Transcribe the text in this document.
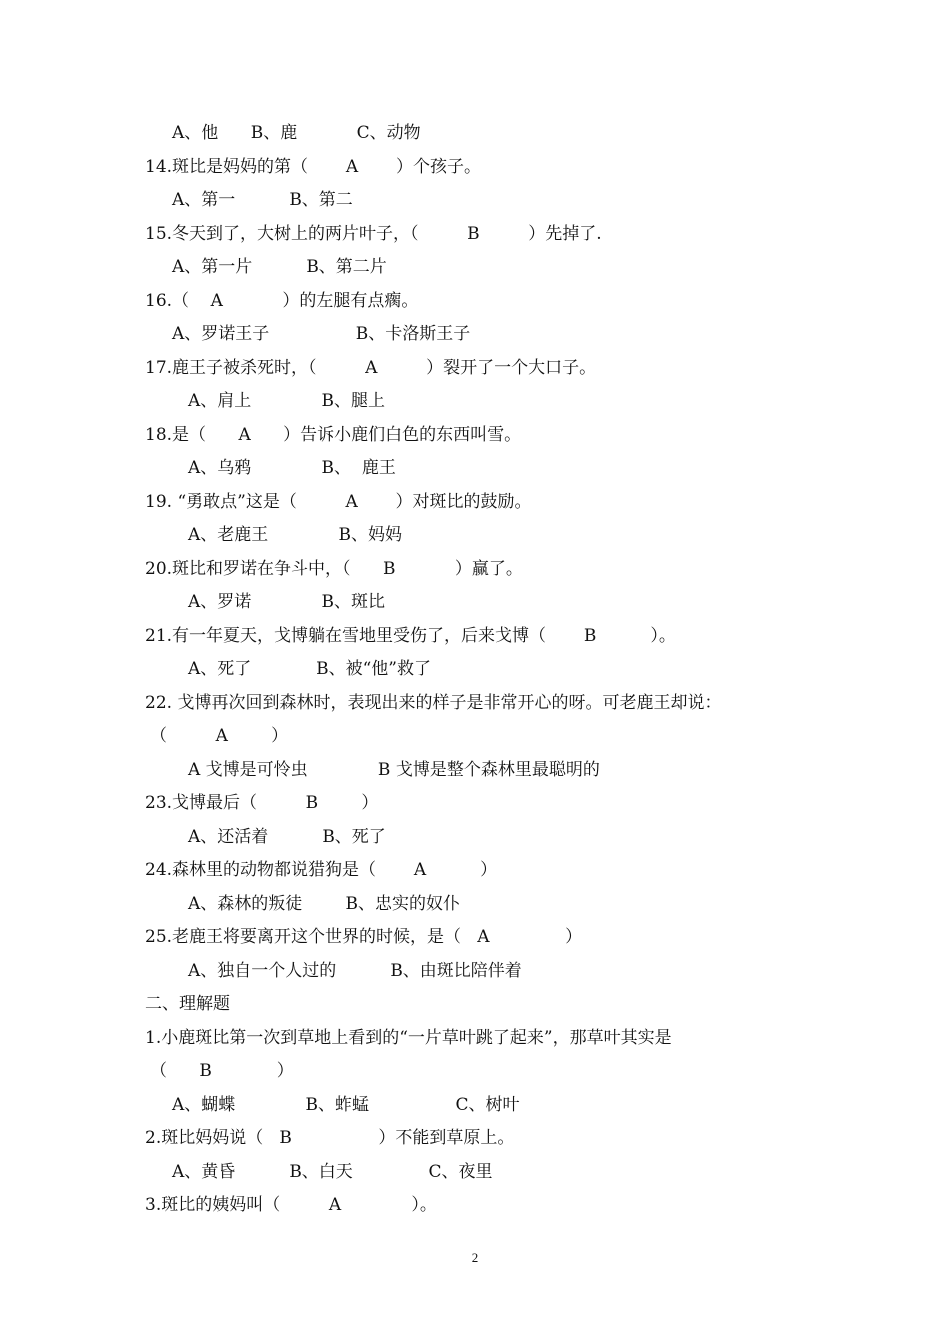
A、他      B、鹿           C、动物
14.斑比是妈妈的第（       A       ）个孩子。
A、第一          B、第二
15.冬天到了，大树上的两片叶子，（         B         ）先掉了.
A、第一片          B、第二片
16.（    A           ）的左腿有点瘸。
A、罗诺王子                B、卡洛斯王子
17.鹿王子被杀死时，（         A         ）裂开了一个大口子。
A、肩上             B、腿上
18.是（      A      ）告诉小鹿们白色的东西叫雪。
A、乌鸦             B、  鹿王
19. “勇敢点”这是（         A       ）对斑比的鼓励。
A、老鹿王             B、妈妈
20.斑比和罗诺在争斗中，（      B           ）赢了。
A、罗诺             B、斑比
21.有一年夏天，戈博躺在雪地里受伤了，后来戈博（       B          ）。
A、死了            B、被“他”救了
22. 戈博再次回到森林时，表现出来的样子是非常开心的呀。可老鹿王却说：
（         A        ）
A 戈博是可怜虫             B 戈博是整个森林里最聪明的
23.戈博最后（         B        ）
A、还活着          B、死了
24.森林里的动物都说猎狗是（       A          ）
A、森林的叛徒        B、忠实的奴仆
25.老鹿王将要离开这个世界的时候，是（   A              ）
A、独自一个人过的          B、由斑比陪伴着
二、理解题
1.小鹿斑比第一次到草地上看到的“一片草叶跳了起来”，那草叶其实是
（      B            ）
A、蝴蝶             B、蚱蜢                C、树叶
2.斑比妈妈说（   B                ）不能到草原上。
A、黄昏          B、白天              C、夜里
3.斑比的姨妈叫（         A             ）。
2
